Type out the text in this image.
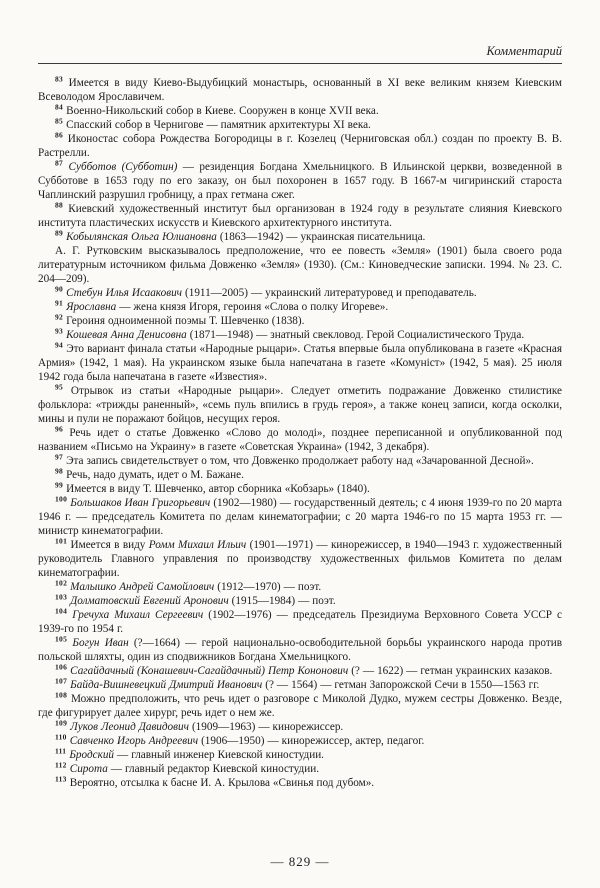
Комментарий

$^{83}$ Имеется в виду Киево-Выдубицкий монастырь, основанный в XI веке великим князем Киевским Всеволодом Ярославичем.

$^{84}$ Военно-Никольский собор в Киеве. Сооружен в конце XVII века.

$^{85}$ Спасский собор в Чернигове — памятник архитектуры XI века.

$^{86}$ Иконостас собора Рождества Богородицы в г. Козелец (Черниговская обл.) создан по проекту В. В. Растрелли.

$^{87}$ Субботов (Субботин) — резиденция Богдана Хмельницкого. В Ильинской церкви, возведенной в Субботове в 1653 году по его заказу, он был похоронен в 1657 году. В 1667-м чигиринский староста Чаплинский разрушил гробницу, а прах гетмана сжег.

$^{88}$ Киевский художественный институт был организован в 1924 году в результате слияния Киевского института пластических искусств и Киевского архитектурного института.

$^{89}$ Кобылянская Ольга Юлиановна (1863—1942) — украинская писательница.

А. Г. Рутковским высказывалось предположение, что ее повесть «Земля» (1901) была своего рода литературным источником фильма Довженко «Земля» (1930). (См.: Киноведческие записки. 1994. № 23. С. 204—209).

$^{90}$ Стебун Илья Исаакович (1911—2005) — украинский литературовед и преподаватель.

$^{91}$ Ярославна — жена князя Игоря, героиня «Слова о полку Игореве».

$^{92}$ Героиня одноименной поэмы Т. Шевченко (1838).

$^{93}$ Кошевая Анна Денисовна (1871—1948) — знатный свекловод. Герой Социалистического Труда.

$^{94}$ Это вариант финала статьи «Народные рыцари». Статья впервые была опубликована в газете «Красная Армия» (1942, 1 мая). На украинском языке была напечатана в газете «Комуніст» (1942, 5 мая). 25 июля 1942 года была напечатана в газете «Известия».

$^{95}$ Отрывок из статьи «Народные рыцари». Следует отметить подражание Довженко стилистике фольклора: «трижды раненный», «семь пуль впились в грудь героя», а также конец записи, когда осколки, мины и пули не поражают бойцов, несущих героя.

$^{96}$ Речь идет о статье Довженко «Слово до молоді», позднее переписанной и опубликованной под названием «Письмо на Украину» в газете «Советская Украина» (1942, 3 декабря).

$^{97}$ Эта запись свидетельствует о том, что Довженко продолжает работу над «Зачарованной Десной».

$^{98}$ Речь, надо думать, идет о М. Бажане.

$^{99}$ Имеется в виду Т. Шевченко, автор сборника «Кобзарь» (1840).

$^{100}$ Большаков Иван Григорьевич (1902—1980) — государственный деятель; с 4 июня 1939-го по 20 марта 1946 г. — председатель Комитета по делам кинематографии; с 20 марта 1946-го по 15 марта 1953 гг. — министр кинематографии.

$^{101}$ Имеется в виду Ромм Михаил Ильич (1901—1971) — кинорежиссер, в 1940—1943 г. художественный руководитель Главного управления по производству художественных фильмов Комитета по делам кинематографии.

$^{102}$ Малышко Андрей Самойлович (1912—1970) — поэт.

$^{103}$ Долматовский Евгений Аронович (1915—1984) — поэт.

$^{104}$ Гречуха Михаил Сергеевич (1902—1976) — председатель Президиума Верховного Совета УССР с 1939-го по 1954 г.

$^{105}$ Богун Иван (?—1664) — герой национально-освободительной борьбы украинского народа против польской шляхты, один из сподвижников Богдана Хмельницкого.

$^{106}$ Сагайдачный (Конашевич-Сагайдачный) Петр Кононович (? — 1622) — гетман украинских казаков.

$^{107}$ Байда-Вишневецкий Дмитрий Иванович (? — 1564) — гетман Запорожской Сечи в 1550—1563 гг.

$^{108}$ Можно предположить, что речь идет о разговоре с Миколой Дудко, мужем сестры Довженко. Везде, где фигурирует далее хирург, речь идет о нем же.

$^{109}$ Луков Леонид Давидович (1909—1963) — кинорежиссер.

$^{110}$ Савченко Игорь Андреевич (1906—1950) — кинорежиссер, актер, педагог.

$^{111}$ Бродский — главный инженер Киевской киностудии.

$^{112}$ Сирота — главный редактор Киевской киностудии.

$^{113}$ Вероятно, отсылка к басне И. А. Крылова «Свинья под дубом».

— 829 —
